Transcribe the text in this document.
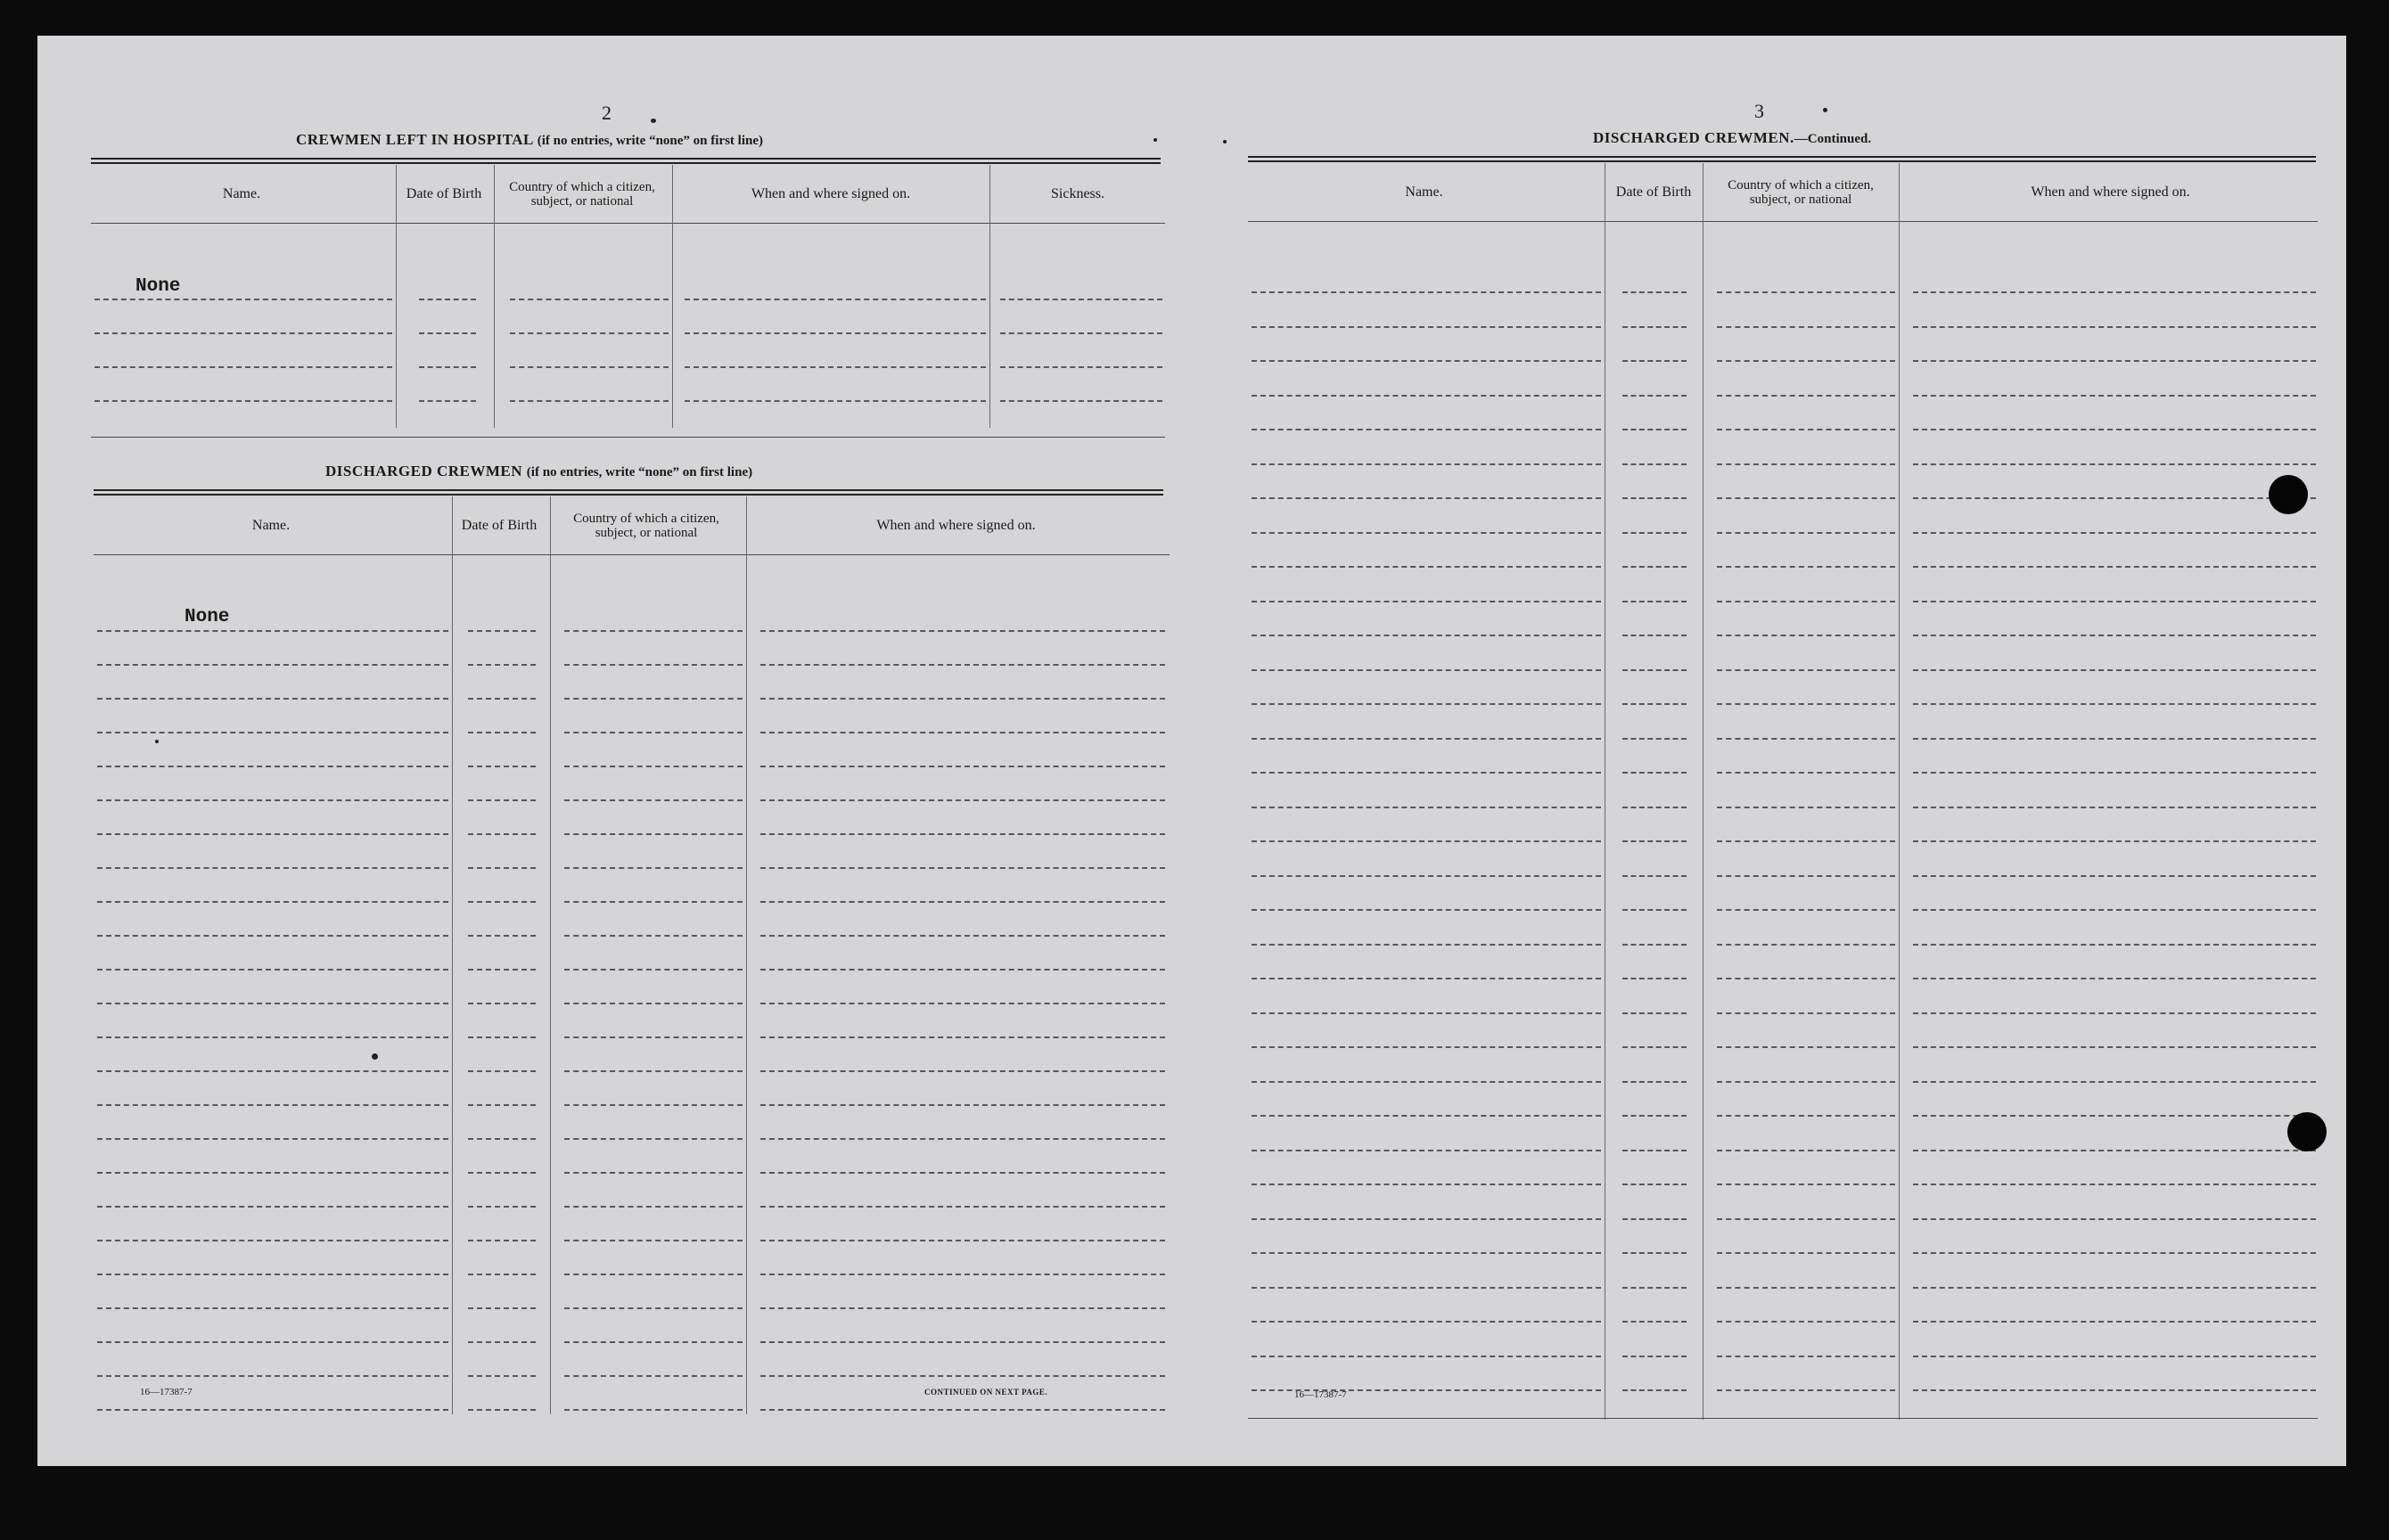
2
CREWMEN LEFT IN HOSPITAL (if no entries, write “none” on first line)
Name.	Date of Birth	Country of which a citizen, subject, or national	When and where signed on.	Sickness.
None
DISCHARGED CREWMEN (if no entries, write “none” on first line)
Name.	Date of Birth	Country of which a citizen, subject, or national	When and where signed on.
None
16—17387-7	CONTINUED ON NEXT PAGE.
3
DISCHARGED CREWMEN.—Continued.
Name.	Date of Birth	Country of which a citizen, subject, or national	When and where signed on.
16—17387-7
